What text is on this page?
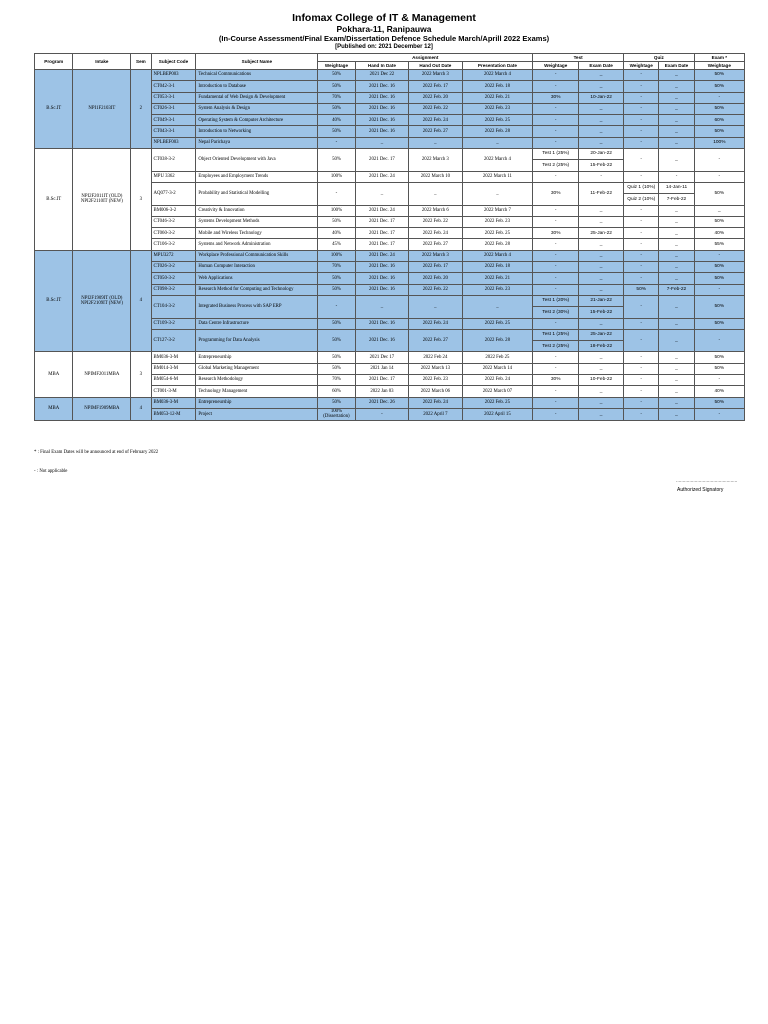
Infomax College of IT & Management
Pokhara-11, Ranipauwa
(In-Course Assessment/Final Exam/Dissertation Defence Schedule March/Aprill 2022 Exams)
[Published on: 2021 December 12]
Program	Intake	Sem	Subject Code	Subject Name	Assignment				Test		Quiz		Exam *
					Weightage	Hand In Date	Hand Out Date	Presentation Date	Weightage	Exam Date	Weightage	Exam Date	Weightage
B.Sc.IT	NPI1F2103IT	2	NPLBEP003	Technical Communications	50%	2021 Dec 22	2022 March 3	2022 March 4	-	_	-	_	50%
			CT042-3-1	Introduction to Database	50%	2021 Dec. 16	2022 Feb. 17	2022 Feb. 18	-	_	-	_	50%
			CT053-3-1	Fundamental of Web Design & Development	70%	2021 Dec. 16	2022 Feb. 20	2022 Feb. 21	30%	10-Jan-22	-	_	-
			CT026-3-1	System Analysis & Design	50%	2021 Dec. 16	2022 Feb. 22	2022 Feb. 23	-	_	-	_	50%
			CT049-3-1	Operating System & Computer Architecture	40%	2021 Dec. 16	2022 Feb. 24	2022 Feb. 25	-	_	-	_	60%
			CT043-3-1	Introduction to Networking	50%	2021 Dec. 16	2022 Feb. 27	2022 Feb. 28	-	_	-	_	50%
			NPLBEF003	Nepal Parichaya	-	_	_	_	-	_	-	_	100%
B.Sc.IT	NPI2F2011IT (OLD) NPI2F2110IT (NEW)	3	CT038-3-2	Object Oriented Development with Java	50%	2021 Dec. 17	2022 March 3	2022 March 4	Test 1 (25%)	20-Jan-22	-	_	-
									Test 2 (25%)	15-Feb-22			
			MPU 3362	Employees and Employment Trends	100%	2021 Dec. 24	2022 March 10	2022 March 11	-	-	-	-	-
			AQ077-3-2	Probability and Statistical Modelling	-	_	_	_	30%	11-Feb-22	Quiz 1 (10%)	14-Jan-11	50%
											Quiz 2 (10%)	7-Feb-22	
			BM006-3-2	Creativity & Innovation	100%	2021 Dec. 24	2022 March 6	2022 March 7	-	_	-	_	_
			CT046-3-2	Systems Development Methods	50%	2021 Dec. 17	2022 Feb. 22	2022 Feb. 23	-	_	-	_	50%
			CT060-3-2	Mobile and Wireless Technology	40%	2021 Dec. 17	2022 Feb. 24	2022 Feb. 25	30%	25-Jan-22	-	_	40%
			CT106-3-2	Systems and Network Administration	45%	2021 Dec. 17	2022 Feb. 27	2022 Feb. 28	-	_	-	_	55%
B.Sc.IT	NPI2F1909IT (OLD) NPI2F2109IT (NEW)	4	MPU3272	Workplace Professional Communication Skills	100%	2021 Dec. 24	2022 March 3	2022 March 4	-	_	-	_	-
			CT026-3-2	Human Computer Interaction	70%	2021 Dec. 16	2022 Feb. 17	2022 Feb. 18	-	_	-	_	50%
			CT050-3-2	Web Applications	50%	2021 Dec. 16	2022 Feb. 20	2022 Feb. 21	-	_	-	_	50%
			CT098-3-2	Research Method for Computing and Technology	50%	2021 Dec. 16	2022 Feb. 22	2022 Feb. 23	-	_	50%	7-Feb-22	-
			CT104-3-2	Integrated Business Process with SAP ERP	-	_	_	_	Test 1 (20%)	21-Jan-22	-	_	50%
									Test 2 (30%)	15-Feb-22			
			CT109-3-2	Data Centre Infrastructure	50%	2021 Dec. 16	2022 Feb. 24	2022 Feb. 25	-	_	-	_	50%
			CT127-3-2	Programming for Data Analysis	50%	2021 Dec. 16	2022 Feb. 27	2022 Feb. 28	Test 1 (25%)	25-Jan-22	-	_	-
									Test 2 (25%)	18-Feb-22			
MBA	NPIMF2011MBA	3	BM036-3-M	Entrepreneurship	50%	2021 Dec 17	2022 Feb 24	2022 Feb 25	-	_	-	_	50%
			BM014-3-M	Global Marketing Management	50%	2021 Jan 14	2022 March 13	2022 March 14	-	_	-	_	50%
			BM054-6-M	Research Methodology	70%	2021 Dec. 17	2022 Feb. 23	2022 Feb. 24	30%	10-Feb-22	-	_	-
			CT001-3-M	Technology Management	60%	2022 Jan 03	2022 March 06	2022 March 07	-	_	-	_	40%
MBA	NPIMF1909MBA	4	BM036-3-M	Entrepreneurship	50%	2021 Dec. 26	2022 Feb. 24	2022 Feb. 25	-	_	-	_	50%
			BM053-12-M	Project	100% (Dissertation)	-	2022 April 7	2022 April 15	-	_	-	_	-
* : Final Exam Dates will be announced at end of February 2022
- : Not applicable
..............................................
Authorized Signatory
